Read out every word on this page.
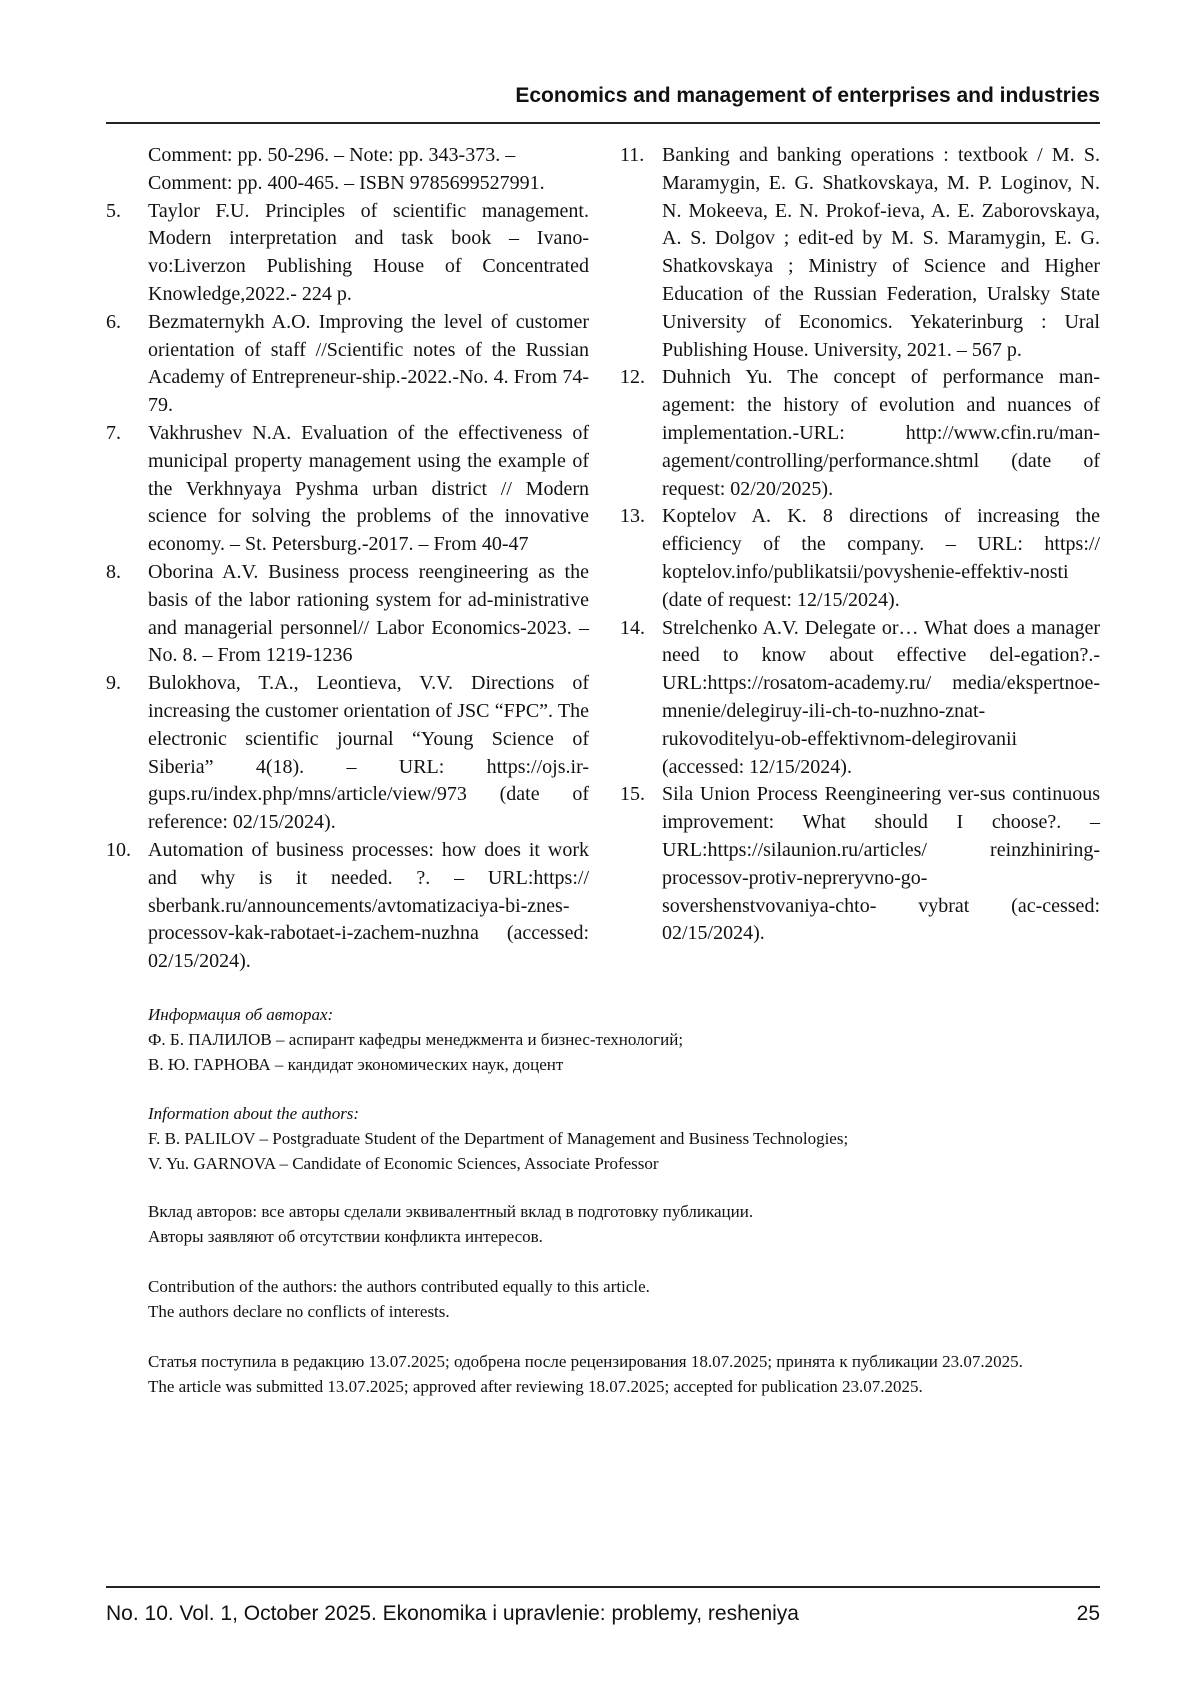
Economics and management of enterprises and industries
Comment: pp. 50-296. – Note: pp. 343-373. –
Comment: pp. 400-465. – ISBN 9785699527991.
5.	Taylor F.U. Principles of scientific management. Modern interpretation and task book – Ivano-vo:Liverzon Publishing House of Concentrated Knowledge,2022.- 224 p.
6.	Bezmaternykh A.O. Improving the level of customer orientation of staff //Scientific notes of the Russian Academy of Entrepreneur-ship.-2022.-No. 4. From 74-79.
7.	Vakhrushev N.A. Evaluation of the effectiveness of municipal property management using the example of the Verkhnyaya Pyshma urban district // Modern science for solving the problems of the innovative economy. – St. Petersburg.-2017. – From 40-47
8.	Oborina A.V. Business process reengineering as the basis of the labor rationing system for ad-ministrative and managerial personnel// Labor Economics-2023. – No. 8. – From 1219-1236
9.	Bulokhova, T.A., Leontieva, V.V. Directions of increasing the customer orientation of JSC “FPC”. The electronic scientific journal “Young Science of Siberia” 4(18). – URL: https://ojs.ir-gups.ru/index.php/mns/article/view/973 (date of reference: 02/15/2024).
10. Automation of business processes: how does it work and why is it needed. ?. – URL:https:// sberbank.ru/announcements/avtomatizaciya-bi-znes-processov-kak-rabotaet-i-zachem-nuzhna (accessed: 02/15/2024).
11. Banking and banking operations : textbook / M. S. Maramygin, E. G. Shatkovskaya, M. P. Loginov, N. N. Mokeeva, E. N. Prokof-ieva, A. E. Zaborovskaya, A. S. Dolgov ; edit-ed by M. S. Maramygin, E. G. Shatkovskaya ; Ministry of Science and Higher Education of the Russian Federation, Uralsky State University of Economics. Yekaterinburg : Ural Publishing House. University, 2021. – 567 p.
12. Duhnich Yu. The concept of performance man-agement: the history of evolution and nuances of implementation.-URL: http://www.cfin.ru/man-agement/controlling/performance.shtml (date of request: 02/20/2025).
13. Koptelov A. K. 8 directions of increasing the efficiency of the company. – URL: https:// koptelov.info/publikatsii/povyshenie-effektiv-nosti (date of request: 12/15/2024).
14. Strelchenko A.V. Delegate or… What does a manager need to know about effective del-egation?.-URL:https://rosatom-academy.ru/ media/ekspertnoe-mnenie/delegiruy-ili-ch-to-nuzhno-znat-rukovoditelyu-ob-effektivnom-delegirovanii (accessed: 12/15/2024).
15. Sila Union Process Reengineering ver-sus continuous improvement: What should I choose?. – URL:https://silaunion.ru/articles/ reinzhiniring-processov-protiv-nepreryvno-go-sovershenstvovaniya-chto- vybrat (ac-cessed: 02/15/2024).

Информация об авторах:

Ф. Б. ПАЛИЛОВ – аспирант кафедры менеджмента и бизнес-технологий;

В. Ю. ГАРНОВА – кандидат экономических наук, доцент

Information about the authors:

F. B. PALILOV – Postgraduate Student of the Department of Management and Business Technologies;

V. Yu. GARNOVA – Candidate of Economic Sciences, Associate Professor

Вклад авторов: все авторы сделали эквивалентный вклад в подготовку публикации.

Авторы заявляют об отсутствии конфликта интересов.

Contribution of the authors: the authors contributed equally to this article.

The authors declare no conflicts of interests.

Статья поступила в редакцию 13.07.2025; одобрена после рецензирования 18.07.2025; принята к публикации 23.07.2025.

The article was submitted 13.07.2025; approved after reviewing 18.07.2025; accepted for publication 23.07.2025.

No. 10. Vol. 1, October 2025. Ekonomika i upravlenie: problemy, resheniya	25
